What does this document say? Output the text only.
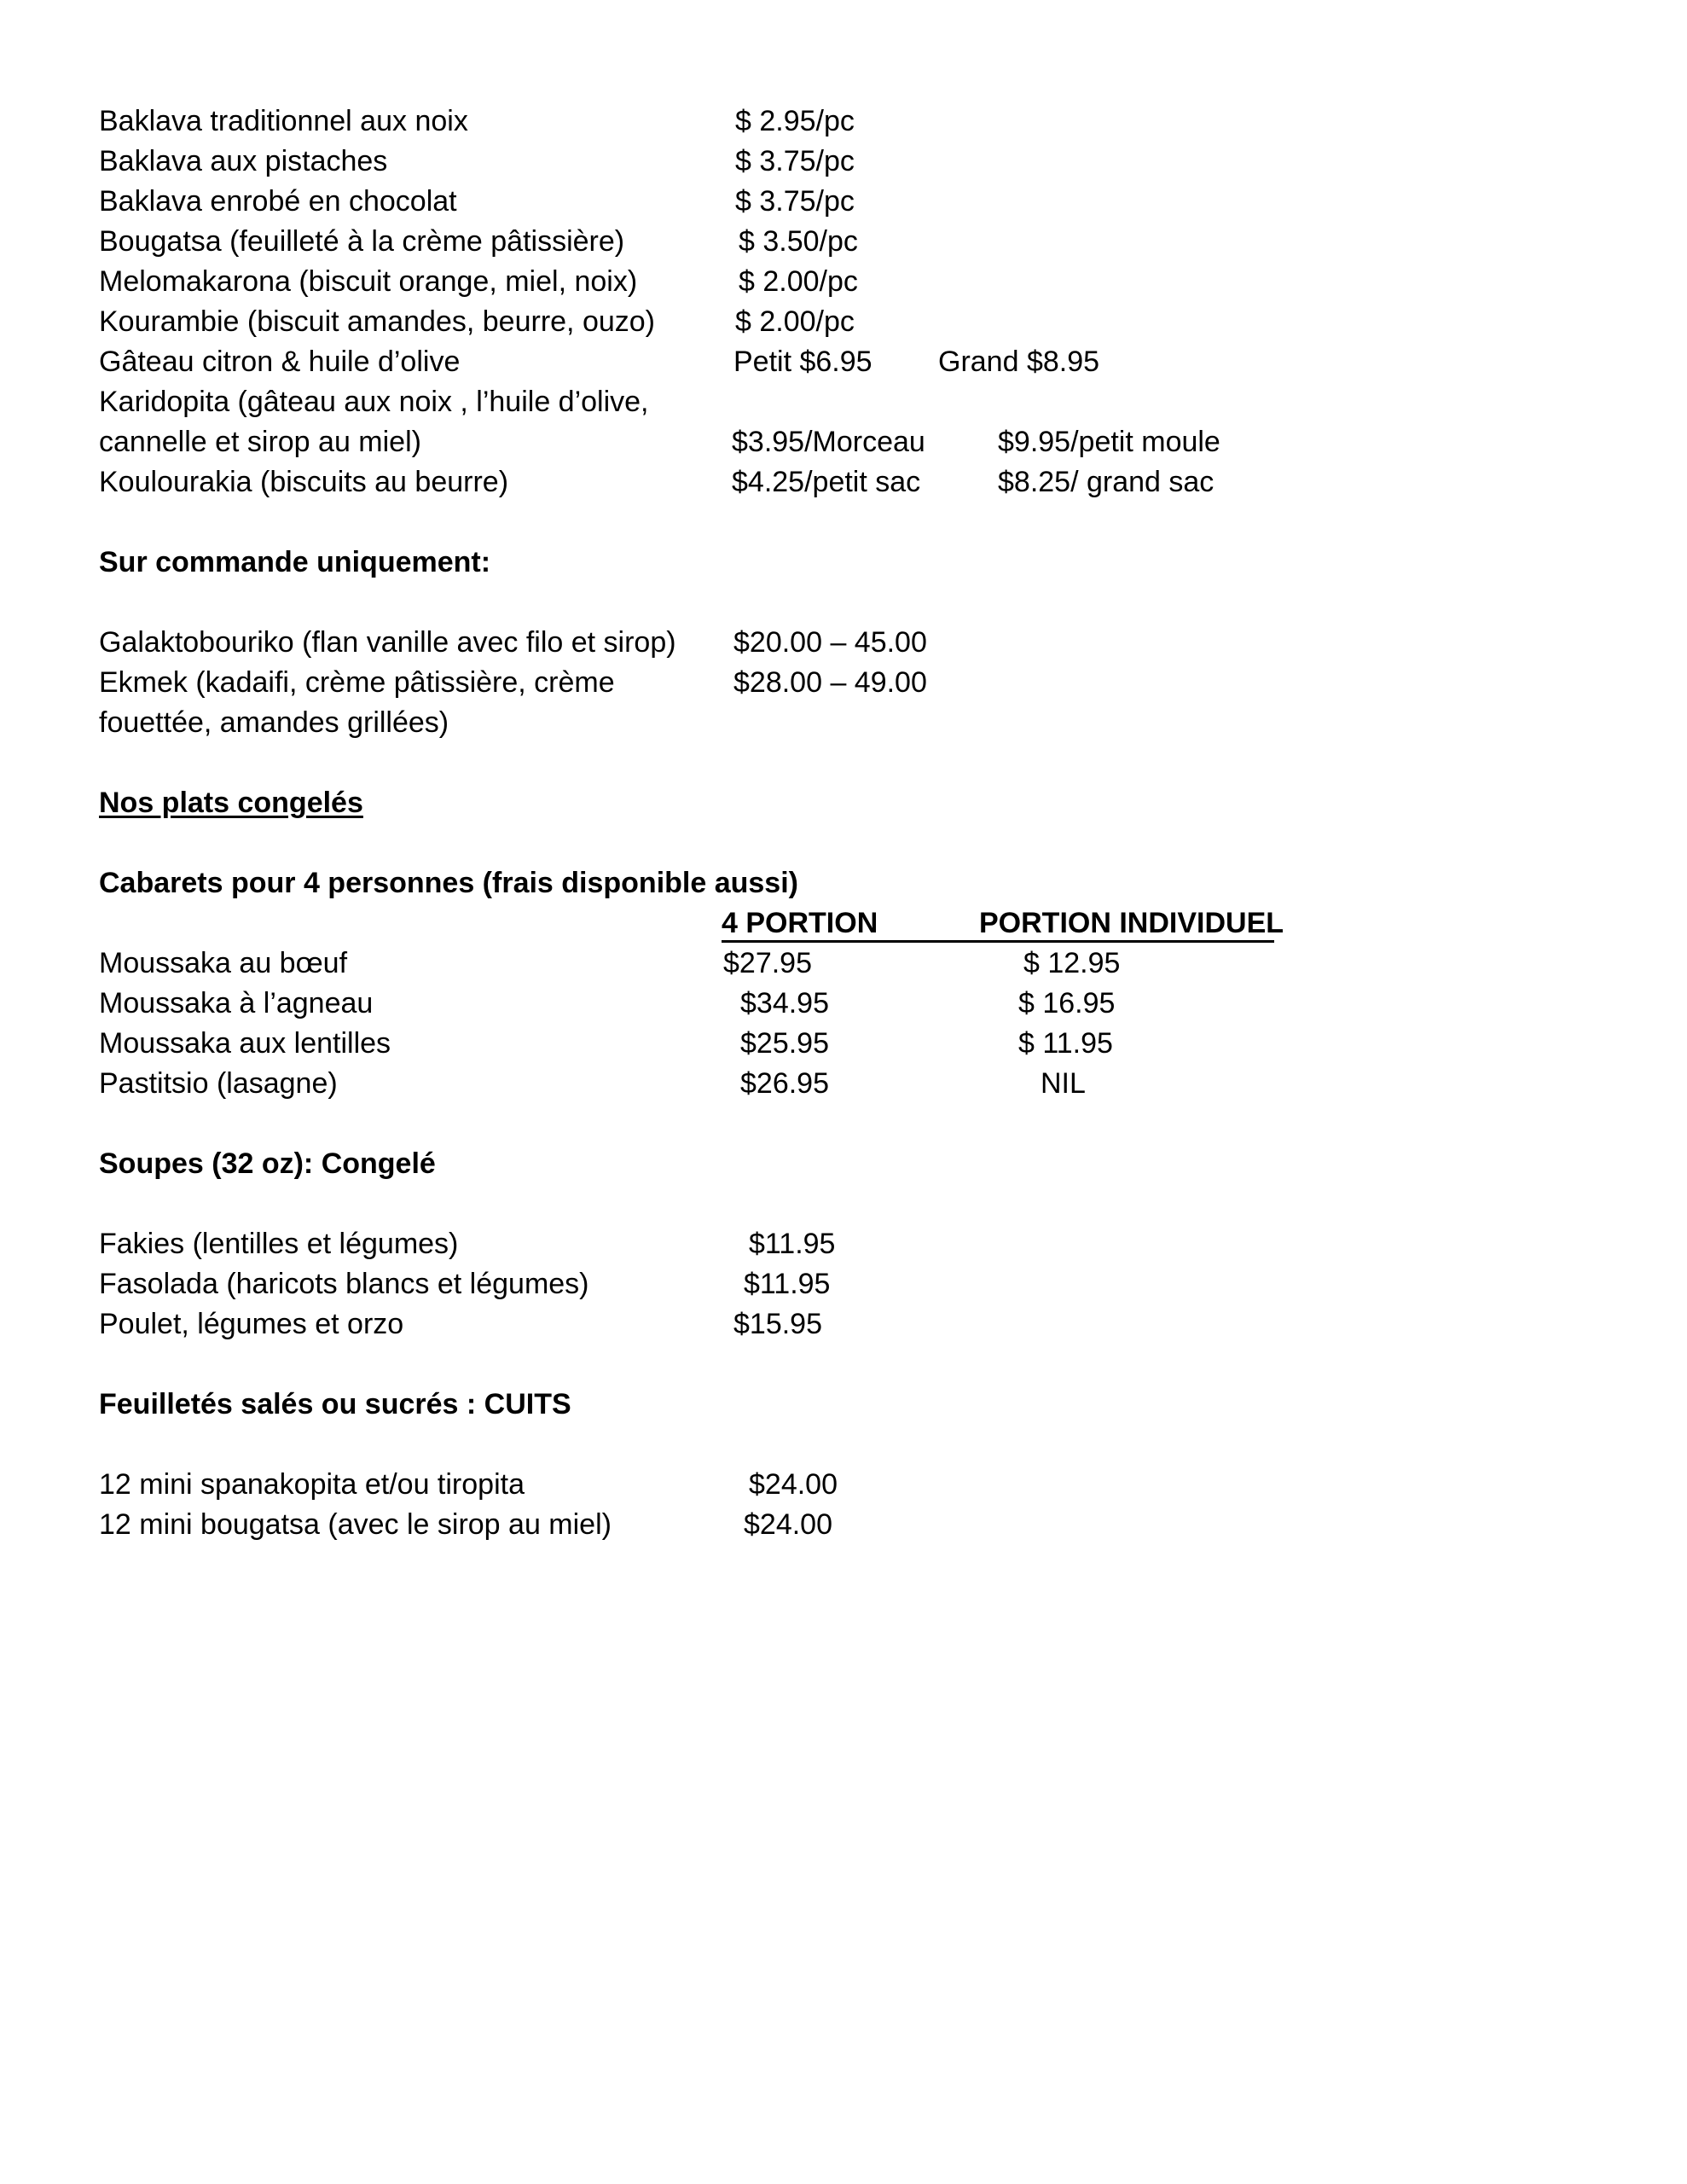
Baklava traditionnel aux noix	$ 2.95/pc
Baklava aux pistaches	$ 3.75/pc
Baklava enrobé en chocolat	$ 3.75/pc
Bougatsa (feuilleté à la crème pâtissière)	$ 3.50/pc
Melomakarona (biscuit orange, miel, noix)	$ 2.00/pc
Kourambie (biscuit amandes, beurre, ouzo)	$ 2.00/pc
Gâteau citron & huile d’olive	Petit $6.95 Grand $8.95
Karidopita (gâteau aux noix , l’huile d’olive,
cannelle et sirop au miel)	$3.95/Morceau	$9.95/petit moule
Koulourakia (biscuits au beurre)	$4.25/petit sac	$8.25/ grand sac
Sur commande uniquement:
Galaktobouriko (flan vanille avec filo et sirop) $20.00 – 45.00
Ekmek (kadaifi, crème pâtissière, crème	$28.00 – 49.00
fouettée, amandes grillées)
Nos plats congelés
Cabarets pour 4 personnes (frais disponible aussi)
4 PORTION	PORTION INDIVIDUEL
Moussaka au bœuf	$27.95	$ 12.95
Moussaka à l’agneau	$34.95	$ 16.95
Moussaka aux lentilles	$25.95	$ 11.95
Pastitsio (lasagne)	$26.95	NIL
Soupes (32 oz): Congelé
Fakies (lentilles et légumes)	$11.95
Fasolada (haricots blancs et légumes)	$11.95
Poulet, légumes et orzo	$15.95
Feuilletés salés ou sucrés : CUITS
12 mini spanakopita et/ou tiropita	$24.00
12 mini bougatsa (avec le sirop au miel)	$24.00
